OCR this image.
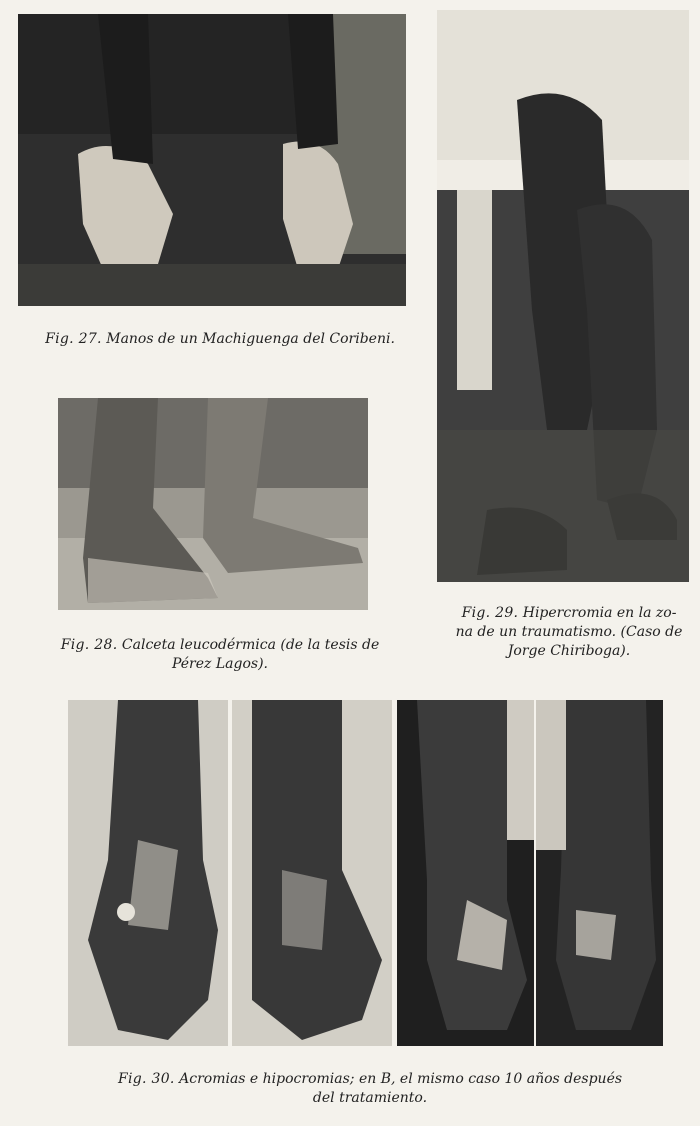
Fig. 27. Manos de un Machiguenga del Coribeni.
Fig. 29. Hipercromia en la zo-
na de un traumatismo. (Caso de
Jorge Chiriboga).
Fig. 28. Calceta leucodérmica (de la tesis de Pérez Lagos).
Fig. 30. Acromias e hipocromias; en B, el mismo caso 10 años después
del tratamiento.
